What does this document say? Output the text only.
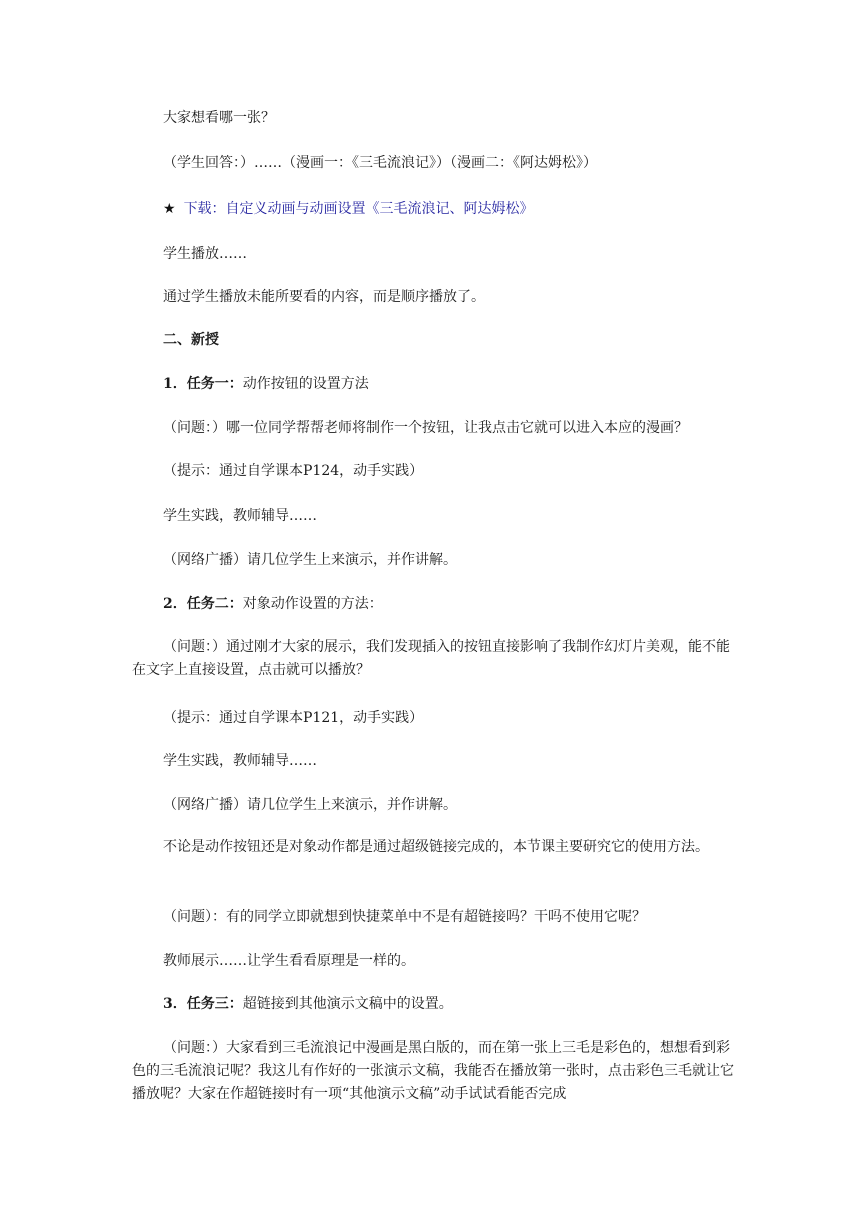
大家想看哪一张？
（学生回答：）……（漫画一：《三毛流浪记》）（漫画二：《阿达姆松》）
★ 下载：自定义动画与动画设置《三毛流浪记、阿达姆松》
学生播放……
通过学生播放未能所要看的内容，而是顺序播放了。
二、新授
1．任务一：动作按钮的设置方法
（问题：）哪一位同学帮帮老师将制作一个按钮，让我点击它就可以进入本应的漫画？
（提示：通过自学课本P124，动手实践）
学生实践，教师辅导……
（网络广播）请几位学生上来演示，并作讲解。
2．任务二：对象动作设置的方法：
（问题：）通过刚才大家的展示，我们发现插入的按钮直接影响了我制作幻灯片美观，能不能在文字上直接设置，点击就可以播放？
（提示：通过自学课本P121，动手实践）
学生实践，教师辅导……
（网络广播）请几位学生上来演示，并作讲解。
不论是动作按钮还是对象动作都是通过超级链接完成的，本节课主要研究它的使用方法。
（问题）：有的同学立即就想到快捷菜单中不是有超链接吗？干吗不使用它呢？
教师展示……让学生看看原理是一样的。
3．任务三：超链接到其他演示文稿中的设置。
（问题：）大家看到三毛流浪记中漫画是黑白版的，而在第一张上三毛是彩色的，想想看到彩色的三毛流浪记呢？我这儿有作好的一张演示文稿，我能否在播放第一张时，点击彩色三毛就让它播放呢？大家在作超链接时有一项“其他演示文稿”动手试试看能否完成
